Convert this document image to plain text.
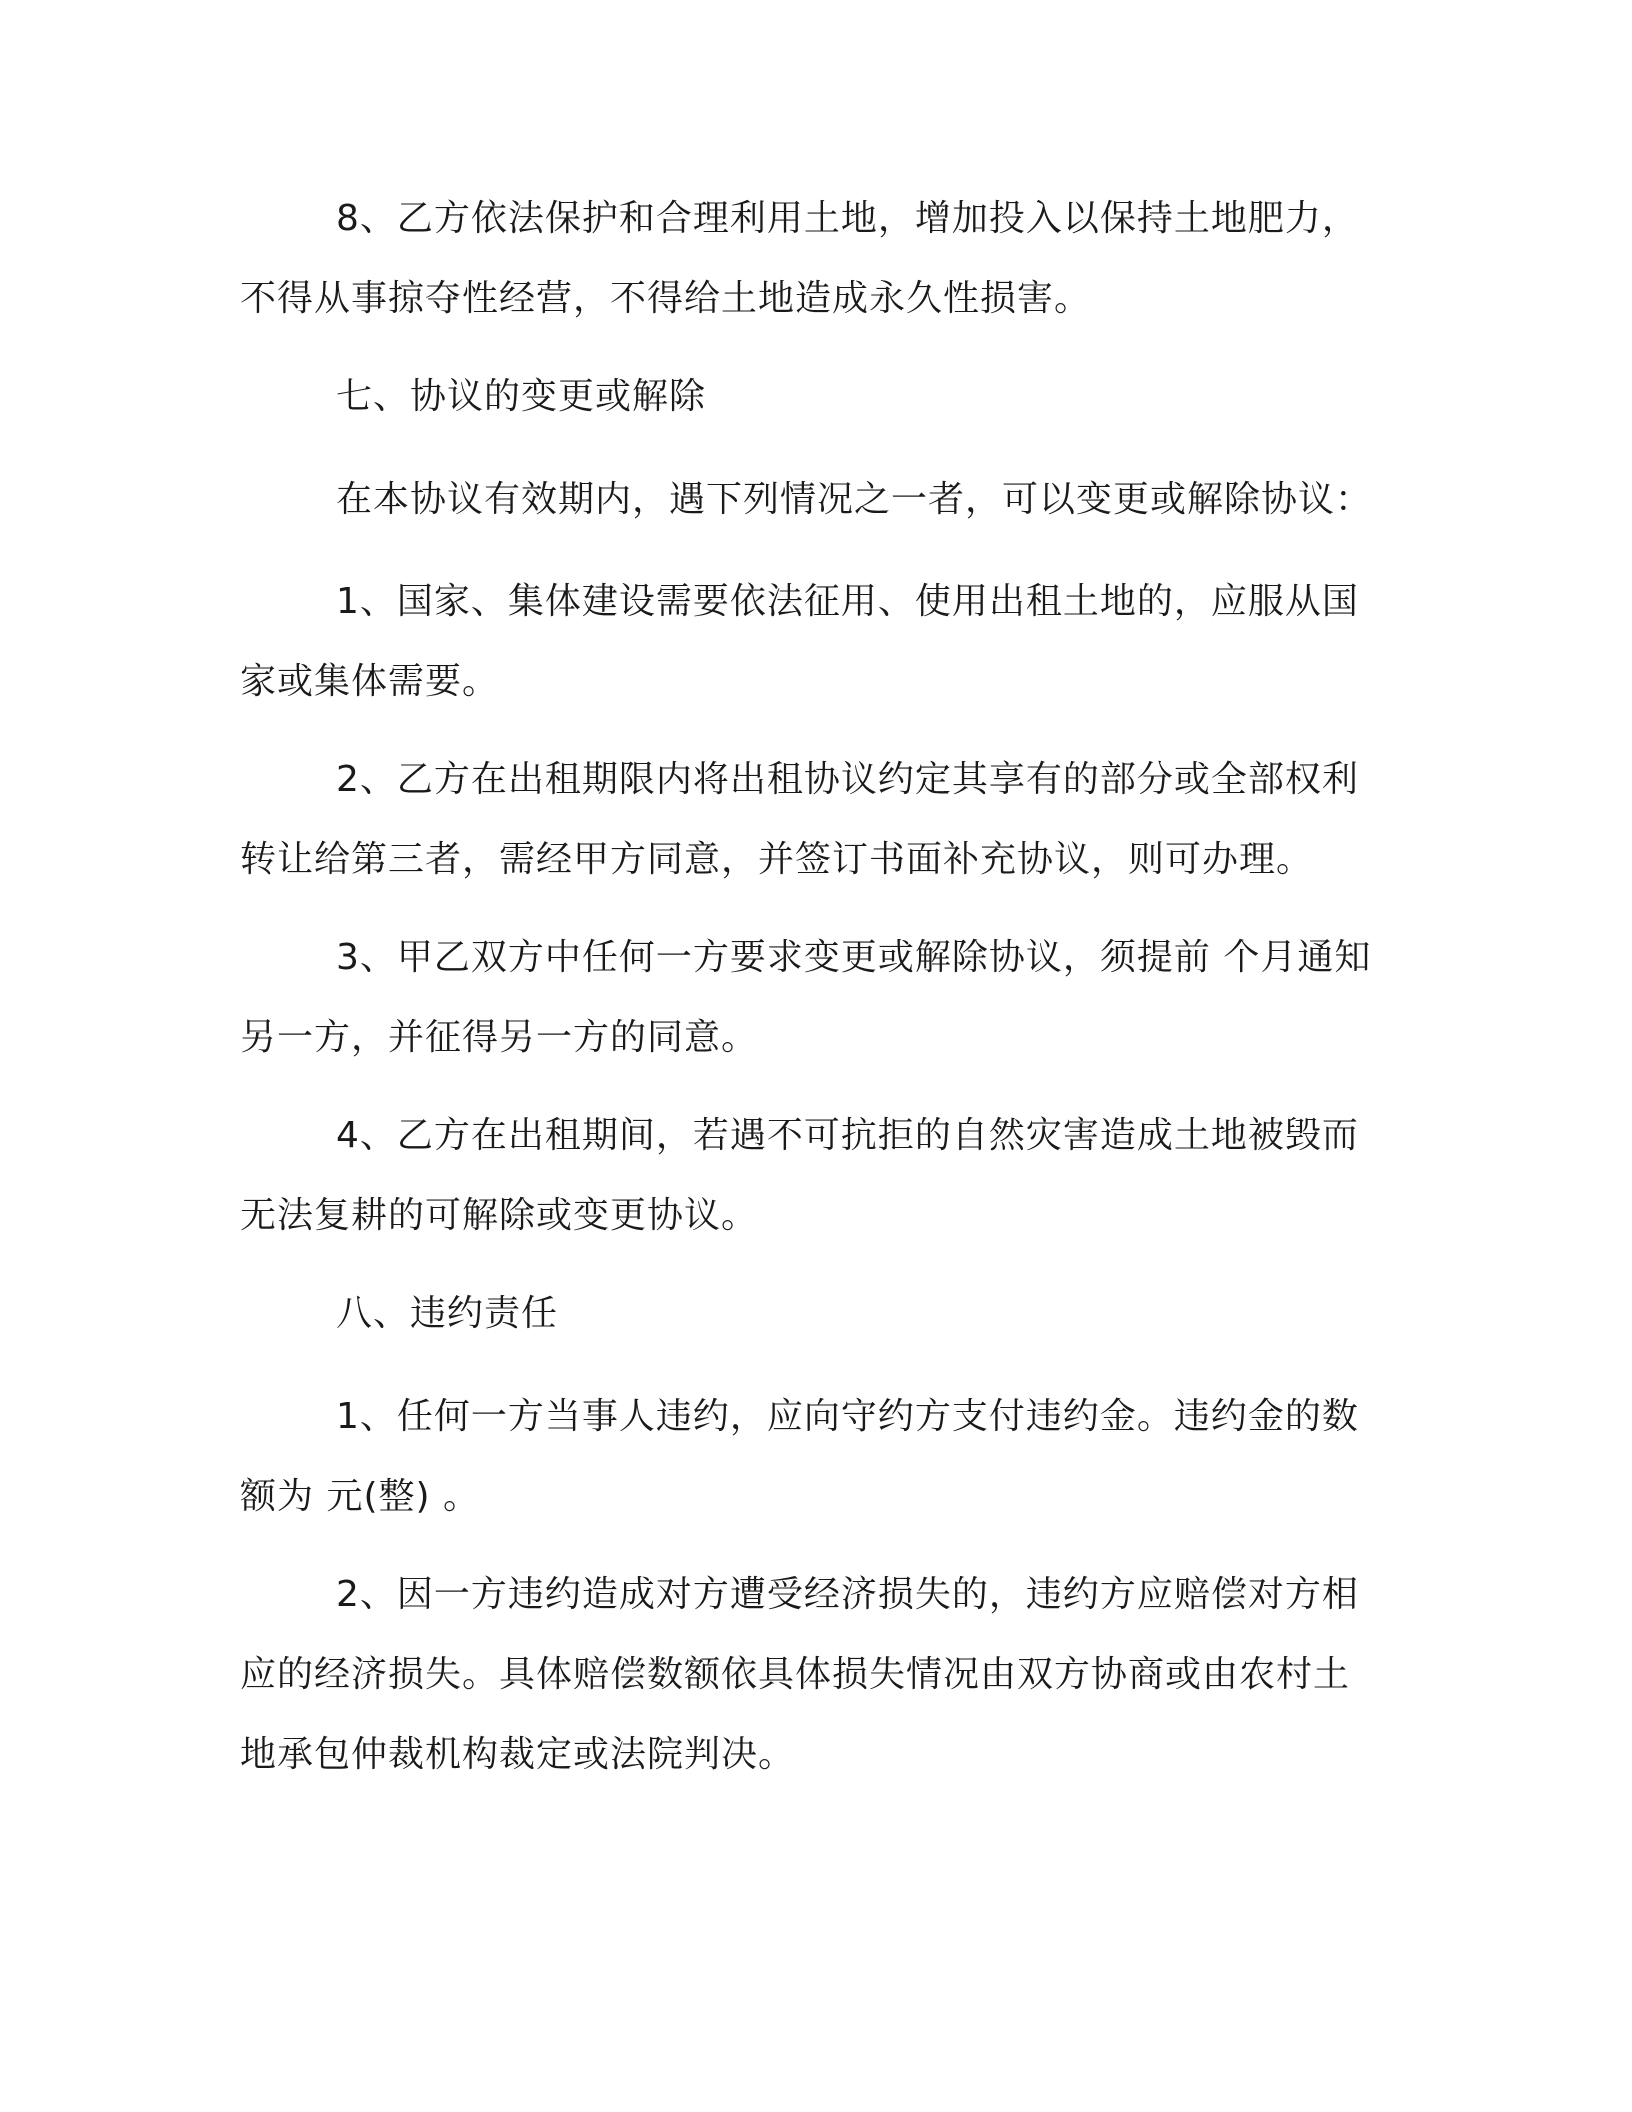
8、乙方依法保护和合理利用土地，增加投入以保持土地肥力，
不得从事掠夺性经营，不得给土地造成永久性损害。

七、协议的变更或解除

在本协议有效期内，遇下列情况之一者，可以变更或解除协议：

1、国家、集体建设需要依法征用、使用出租土地的，应服从国
家或集体需要。

2、乙方在出租期限内将出租协议约定其享有的部分或全部权利
转让给第三者，需经甲方同意，并签订书面补充协议，则可办理。

3、甲乙双方中任何一方要求变更或解除协议，须提前 个月通知
另一方，并征得另一方的同意。

4、乙方在出租期间，若遇不可抗拒的自然灾害造成土地被毁而
无法复耕的可解除或变更协议。

八、违约责任

1、任何一方当事人违约，应向守约方支付违约金。违约金的数
额为 元(整) 。

2、因一方违约造成对方遭受经济损失的，违约方应赔偿对方相
应的经济损失。具体赔偿数额依具体损失情况由双方协商或由农村土
地承包仲裁机构裁定或法院判决。
